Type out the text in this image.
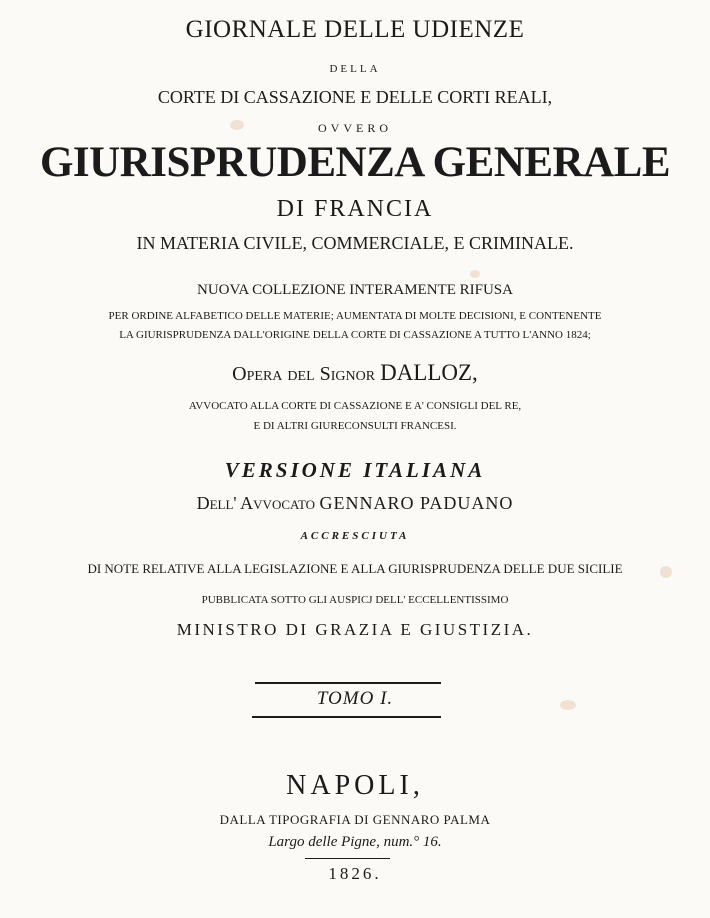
GIORNALE DELLE UDIENZE
DELLA
CORTE DI CASSAZIONE E DELLE CORTI REALI,
OVVERO
GIURISPRUDENZA GENERALE
DI FRANCIA
IN MATERIA CIVILE, COMMERCIALE, E CRIMINALE.
NUOVA COLLEZIONE INTERAMENTE RIFUSA
PER ORDINE ALFABETICO DELLE MATERIE; AUMENTATA DI MOLTE DECISIONI, E CONTENENTE
LA GIURISPRUDENZA DALL'ORIGINE DELLA CORTE DI CASSAZIONE A TUTTO L'ANNO 1824;
Opera del Signor DALLOZ,
AVVOCATO ALLA CORTE DI CASSAZIONE E A' CONSIGLI DEL RE,
E DI ALTRI GIURECONSULTI FRANCESI.
VERSIONE ITALIANA
Dell' Avvocato GENNARO PADUANO
ACCRESCIUTA
DI NOTE RELATIVE ALLA LEGISLAZIONE E ALLA GIURISPRUDENZA DELLE DUE SICILIE
PUBBLICATA SOTTO GLI AUSPICJ DELL' ECCELLENTISSIMO
MINISTRO DI GRAZIA E GIUSTIZIA.
TOMO I.
NAPOLI,
DALLA TIPOGRAFIA DI GENNARO PALMA
Largo delle Pigne, num.° 16.
1826.
